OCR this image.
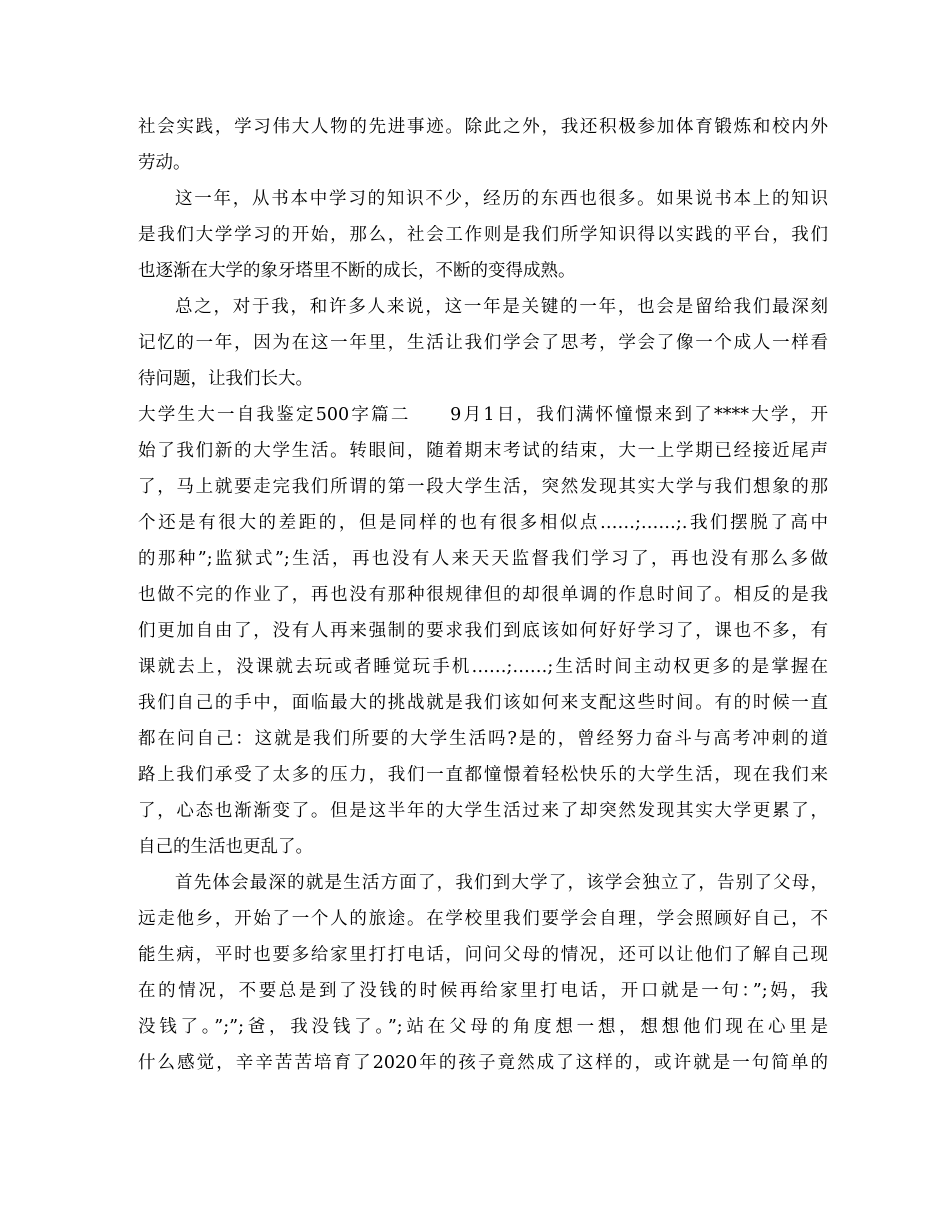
社会实践，学习伟大人物的先进事迹。除此之外，我还积极参加体育锻炼和校内外
劳动。
这一年，从书本中学习的知识不少，经历的东西也很多。如果说书本上的知识
是我们大学学习的开始，那么，社会工作则是我们所学知识得以实践的平台，我们
也逐渐在大学的象牙塔里不断的成长，不断的变得成熟。
总之，对于我，和许多人来说，这一年是关键的一年，也会是留给我们最深刻
记忆的一年，因为在这一年里，生活让我们学会了思考，学会了像一个成人一样看
待问题，让我们长大。
大学生大一自我鉴定500字篇二　　9月1日，我们满怀憧憬来到了****大学，开
始了我们新的大学生活。转眼间，随着期末考试的结束，大一上学期已经接近尾声
了，马上就要走完我们所谓的第一段大学生活，突然发现其实大学与我们想象的那
个还是有很大的差距的，但是同样的也有很多相似点……;……;.我们摆脱了高中
的那种”;监狱式”;生活，再也没有人来天天监督我们学习了，再也没有那么多做
也做不完的作业了，再也没有那种很规律但的却很单调的作息时间了。相反的是我
们更加自由了，没有人再来强制的要求我们到底该如何好好学习了，课也不多，有
课就去上，没课就去玩或者睡觉玩手机……;……;生活时间主动权更多的是掌握在
我们自己的手中，面临最大的挑战就是我们该如何来支配这些时间。有的时候一直
都在问自己：这就是我们所要的大学生活吗?是的，曾经努力奋斗与高考冲刺的道
路上我们承受了太多的压力，我们一直都憧憬着轻松快乐的大学生活，现在我们来
了，心态也渐渐变了。但是这半年的大学生活过来了却突然发现其实大学更累了，
自己的生活也更乱了。
首先体会最深的就是生活方面了，我们到大学了，该学会独立了，告别了父母，
远走他乡，开始了一个人的旅途。在学校里我们要学会自理，学会照顾好自己，不
能生病，平时也要多给家里打打电话，问问父母的情况，还可以让他们了解自己现
在的情况，不要总是到了没钱的时候再给家里打电话，开口就是一句：”;妈，我
没钱了。”;”;爸，我没钱了。”;站在父母的角度想一想，想想他们现在心里是
什么感觉，辛辛苦苦培育了2020年的孩子竟然成了这样的，或许就是一句简单的
